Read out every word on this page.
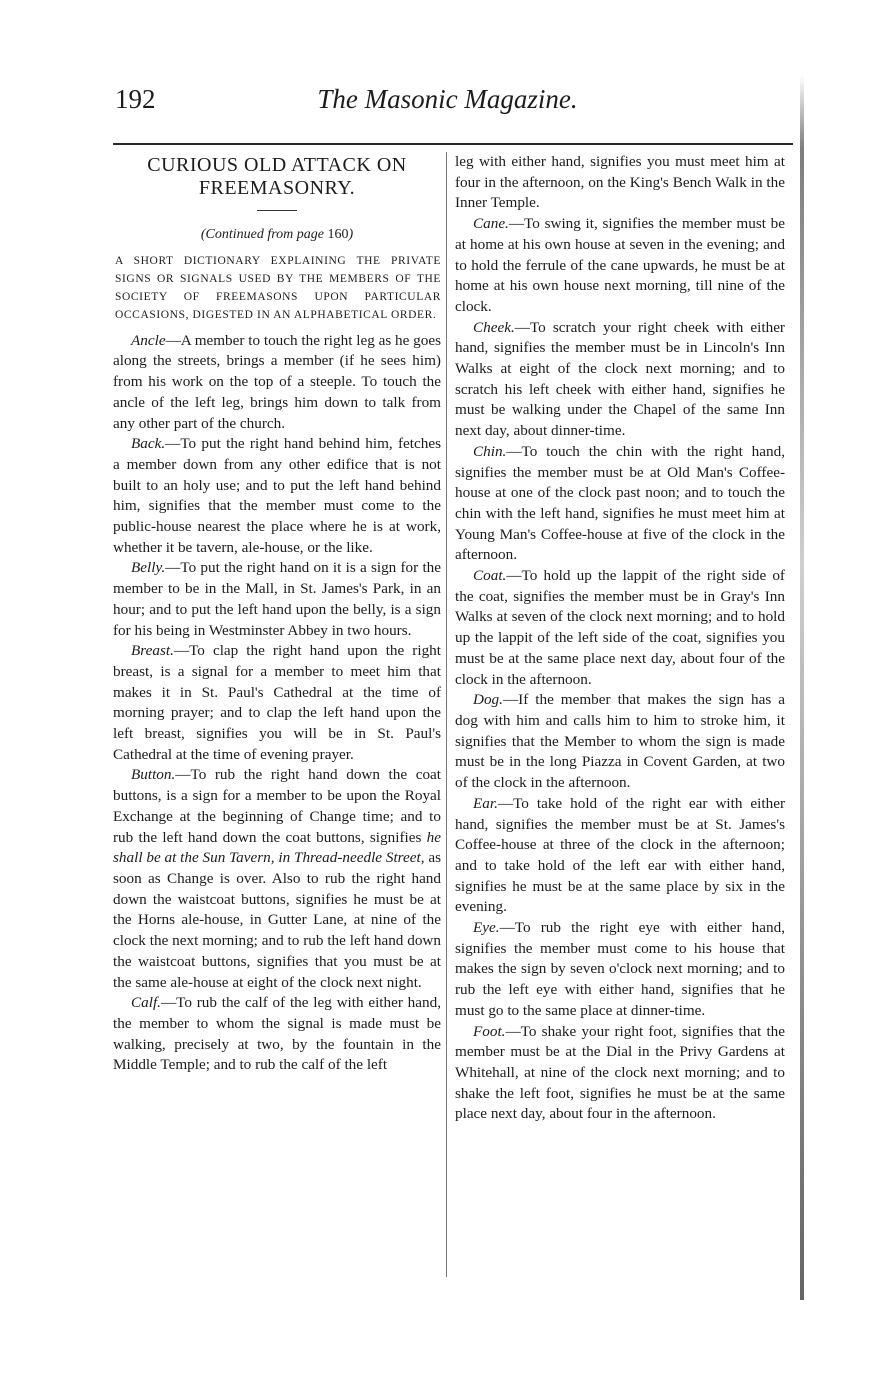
192	The Masonic Magazine.
CURIOUS OLD ATTACK ON
FREEMASONRY.
(Continued from page 160)

A SHORT DICTIONARY EXPLAINING THE PRIVATE SIGNS OR SIGNALS USED BY THE MEMBERS OF THE SOCIETY OF FREEMASONS UPON PARTICULAR OCCASIONS, DIGESTED IN AN ALPHABETICAL ORDER.

Ancle—A member to touch the right leg as he goes along the streets, brings a member (if he sees him) from his work on the top of a steeple. To touch the ancle of the left leg, brings him down to talk from any other part of the church.

Back.—To put the right hand behind him, fetches a member down from any other edifice that is not built to an holy use; and to put the left hand behind him, signifies that the member must come to the public-house nearest the place where he is at work, whether it be tavern, ale-house, or the like.

Belly.—To put the right hand on it is a sign for the member to be in the Mall, in St. James's Park, in an hour; and to put the left hand upon the belly, is a sign for his being in Westminster Abbey in two hours.

Breast.—To clap the right hand upon the right breast, is a signal for a member to meet him that makes it in St. Paul's Cathedral at the time of morning prayer; and to clap the left hand upon the left breast, signifies you will be in St. Paul's Cathedral at the time of evening prayer.

Button.—To rub the right hand down the coat buttons, is a sign for a member to be upon the Royal Exchange at the beginning of Change time; and to rub the left hand down the coat buttons, signifies he shall be at the Sun Tavern, in Thread-needle Street, as soon as Change is over. Also to rub the right hand down the waistcoat buttons, signifies he must be at the Horns ale-house, in Gutter Lane, at nine of the clock the next morning; and to rub the left hand down the waistcoat buttons, signifies that you must be at the same ale-house at eight of the clock next night.

Calf.—To rub the calf of the leg with either hand, the member to whom the signal is made must be walking, precisely at two, by the fountain in the Middle Temple; and to rub the calf of the left

leg with either hand, signifies you must meet him at four in the afternoon, on the King's Bench Walk in the Inner Temple.

Cane.—To swing it, signifies the member must be at home at his own house at seven in the evening; and to hold the ferrule of the cane upwards, he must be at home at his own house next morning, till nine of the clock.

Cheek.—To scratch your right cheek with either hand, signifies the member must be in Lincoln's Inn Walks at eight of the clock next morning; and to scratch his left cheek with either hand, signifies he must be walking under the Chapel of the same Inn next day, about dinner-time.

Chin.—To touch the chin with the right hand, signifies the member must be at Old Man's Coffee-house at one of the clock past noon; and to touch the chin with the left hand, signifies he must meet him at Young Man's Coffee-house at five of the clock in the afternoon.

Coat.—To hold up the lappit of the right side of the coat, signifies the member must be in Gray's Inn Walks at seven of the clock next morning; and to hold up the lappit of the left side of the coat, signifies you must be at the same place next day, about four of the clock in the afternoon.

Dog.—If the member that makes the sign has a dog with him and calls him to him to stroke him, it signifies that the Member to whom the sign is made must be in the long Piazza in Covent Garden, at two of the clock in the afternoon.

Ear.—To take hold of the right ear with either hand, signifies the member must be at St. James's Coffee-house at three of the clock in the afternoon; and to take hold of the left ear with either hand, signifies he must be at the same place by six in the evening.

Eye.—To rub the right eye with either hand, signifies the member must come to his house that makes the sign by seven o'clock next morning; and to rub the left eye with either hand, signifies that he must go to the same place at dinner-time.

Foot.—To shake your right foot, signifies that the member must be at the Dial in the Privy Gardens at Whitehall, at nine of the clock next morning; and to shake the left foot, signifies he must be at the same place next day, about four in the afternoon.
